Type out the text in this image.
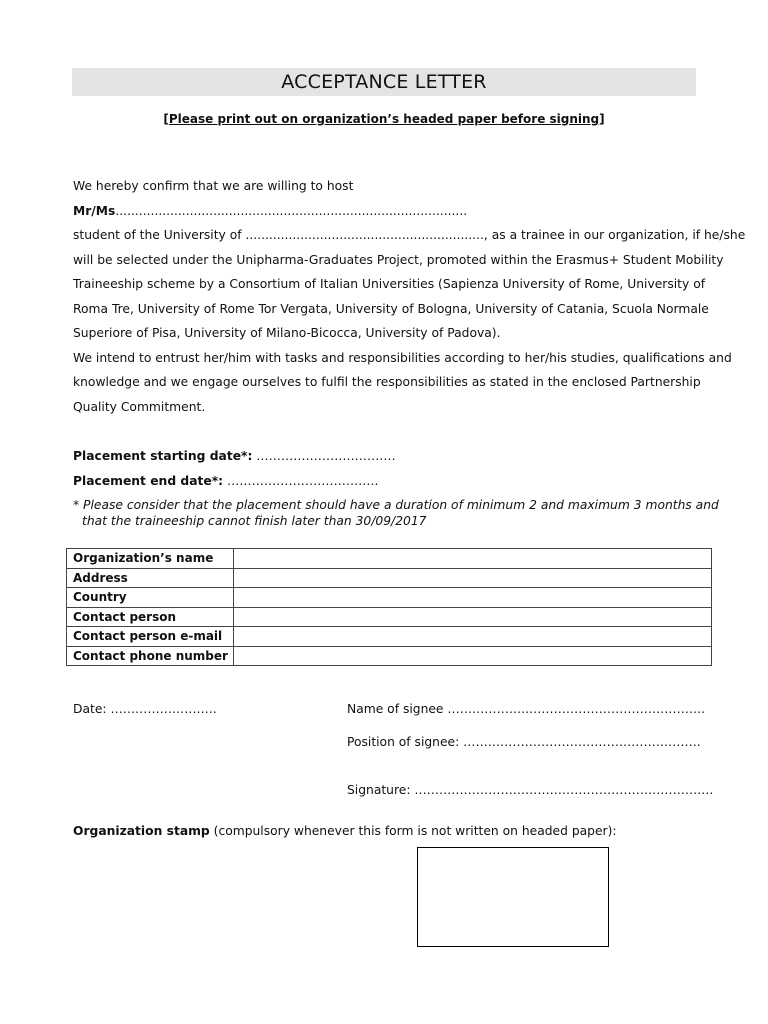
ACCEPTANCE LETTER
[Please print out on organization’s headed paper before signing]
We hereby confirm that we are willing to host
Mr/Ms..........................................................................................
student of the University of ............................................................., as a trainee in our organization, if he/she
will be selected under the Unipharma-Graduates Project, promoted within the Erasmus+ Student Mobility
Traineeship scheme by a Consortium of Italian Universities (Sapienza University of Rome, University of
Roma Tre, University of Rome Tor Vergata, University of Bologna, University of Catania, Scuola Normale
Superiore of Pisa, University of Milano-Bicocca, University of Padova).
We intend to entrust her/him with tasks and responsibilities according to her/his studies, qualifications and
knowledge and we engage ourselves to fulfil the responsibilities as stated in the enclosed Partnership
Quality Commitment.
Placement starting date*: …………………………….
Placement end date*: ……………………………….
* Please consider that the placement should have a duration of minimum 2 and maximum 3 months and
that the traineeship cannot finish later than 30/09/2017
Organization’s name	
Address	
Country	
Contact person	
Contact person e-mail	
Contact phone number	
Date: ……………………..	Name of signee ………………..…………………………………….
Position of signee: ………………………………………………….
Signature: …………………………………………………………….…
Organization stamp (compulsory whenever this form is not written on headed paper):
